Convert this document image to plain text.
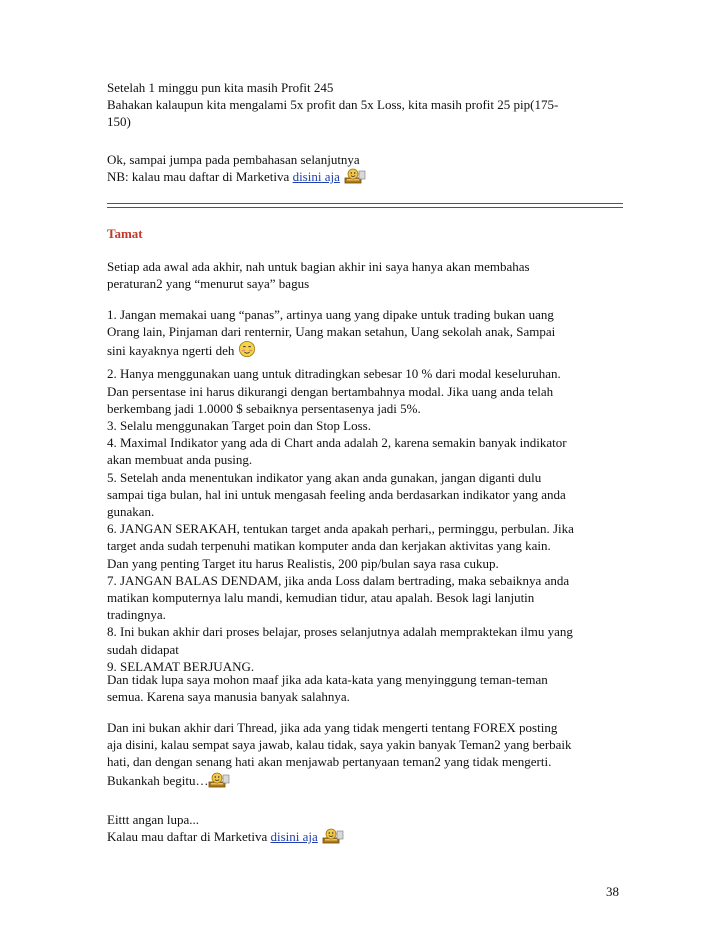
Setelah 1 minggu pun kita masih Profit 245

Bahakan kalaupun kita mengalami 5x profit dan 5x Loss, kita masih profit 25 pip(175-

150)

Ok, sampai jumpa pada pembahasan selanjutnya

NB: kalau mau daftar di Marketiva disini aja

Tamat

Setiap ada awal ada akhir, nah untuk bagian akhir ini saya hanya akan membahas

peraturan2 yang “menurut saya” bagus

1. Jangan memakai uang “panas”, artinya uang yang dipake untuk trading bukan uang

Orang lain, Pinjaman dari renternir, Uang makan setahun, Uang sekolah anak, Sampai

sini kayaknya ngerti deh

2. Hanya menggunakan uang untuk ditradingkan sebesar 10 % dari modal keseluruhan.

Dan persentase ini harus dikurangi dengan bertambahnya modal. Jika uang anda telah

berkembang jadi 1.0000 $ sebaiknya persentasenya jadi 5%.

3. Selalu menggunakan Target poin dan Stop Loss.

4. Maximal Indikator yang ada di Chart anda adalah 2, karena semakin banyak indikator

akan membuat anda pusing.

5. Setelah anda menentukan indikator yang akan anda gunakan, jangan diganti dulu

sampai tiga bulan, hal ini untuk mengasah feeling anda berdasarkan indikator yang anda

gunakan.

6. JANGAN SERAKAH, tentukan target anda apakah perhari,, perminggu, perbulan. Jika

target anda sudah terpenuhi matikan komputer anda dan kerjakan aktivitas yang kain.

Dan yang penting Target itu harus Realistis, 200 pip/bulan saya rasa cukup.

7. JANGAN BALAS DENDAM, jika anda Loss dalam bertrading, maka sebaiknya anda

matikan komputernya lalu mandi, kemudian tidur, atau apalah. Besok lagi lanjutin

tradingnya.

8. Ini bukan akhir dari proses belajar, proses selanjutnya adalah mempraktekan ilmu yang

sudah didapat

9. SELAMAT BERJUANG.

Dan tidak lupa saya mohon maaf jika ada kata-kata yang menyinggung teman-teman

semua. Karena saya manusia banyak salahnya.

Dan ini bukan akhir dari Thread, jika ada yang tidak mengerti tentang FOREX posting

aja disini, kalau sempat saya jawab, kalau tidak, saya yakin banyak Teman2 yang berbaik

hati, dan dengan senang hati akan menjawab pertanyaan teman2 yang tidak mengerti.

Bukankah begitu…

Eittt angan lupa...

Kalau mau daftar di Marketiva disini aja

38
